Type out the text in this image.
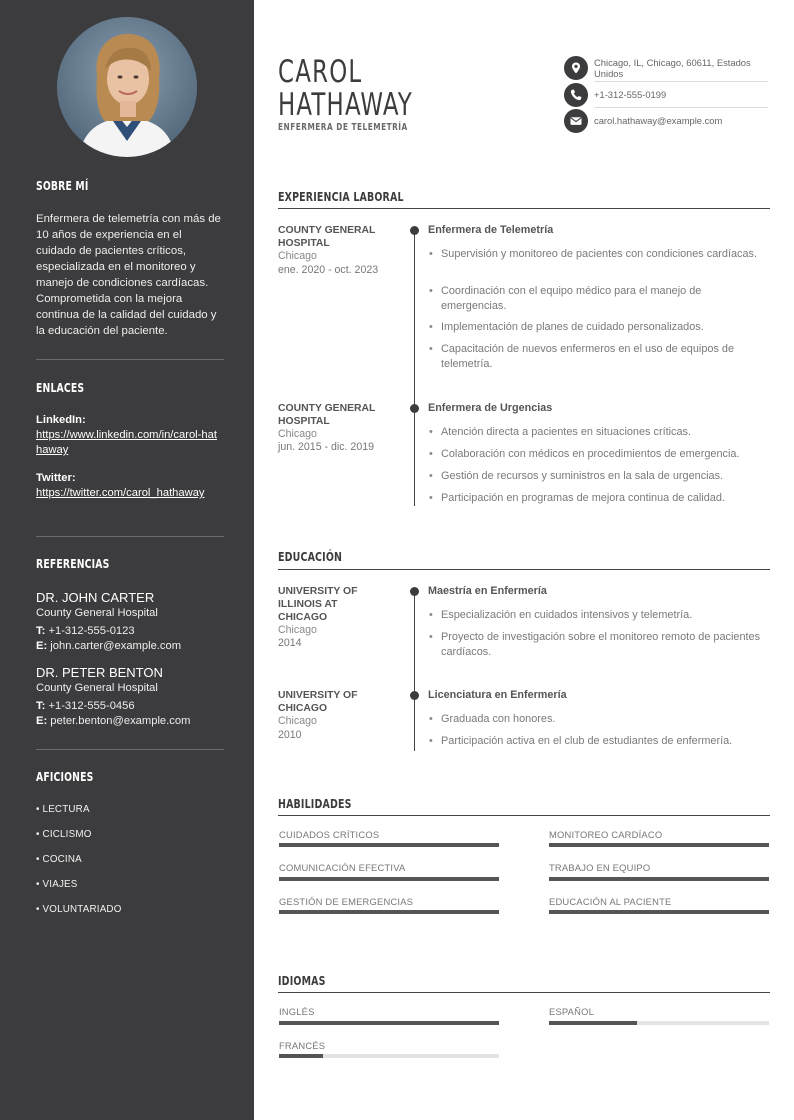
SOBRE MÍ
Enfermera de telemetría con más de 10 años de experiencia en el cuidado de pacientes críticos, especializada en el monitoreo y manejo de condiciones cardíacas. Comprometida con la mejora continua de la calidad del cuidado y la educación del paciente.
ENLACES
LinkedIn:
https://www.linkedin.com/in/carol-hathaway
Twitter:
https://twitter.com/carol_hathaway
REFERENCIAS
DR. JOHN CARTER
County General Hospital
T: +1-312-555-0123
E: john.carter@example.com
DR. PETER BENTON
County General Hospital
T: +1-312-555-0456
E: peter.benton@example.com
AFICIONES
• LECTURA
• CICLISMO
• COCINA
• VIAJES
• VOLUNTARIADO
CAROL
HATHAWAY
ENFERMERA DE TELEMETRÍA
Chicago, IL, Chicago, 60611, Estados Unidos
+1-312-555-0199
carol.hathaway@example.com
EXPERIENCIA LABORAL
COUNTY GENERAL HOSPITAL
Chicago
ene. 2020 - oct. 2023
Enfermera de Telemetría
• Supervisión y monitoreo de pacientes con condiciones cardíacas.
• Coordinación con el equipo médico para el manejo de emergencias.
• Implementación de planes de cuidado personalizados.
• Capacitación de nuevos enfermeros en el uso de equipos de telemetría.
COUNTY GENERAL HOSPITAL
Chicago
jun. 2015 - dic. 2019
Enfermera de Urgencias
• Atención directa a pacientes en situaciones críticas.
• Colaboración con médicos en procedimientos de emergencia.
• Gestión de recursos y suministros en la sala de urgencias.
• Participación en programas de mejora continua de calidad.
EDUCACIÓN
UNIVERSITY OF ILLINOIS AT CHICAGO
Chicago
2014
Maestría en Enfermería
• Especialización en cuidados intensivos y telemetría.
• Proyecto de investigación sobre el monitoreo remoto de pacientes cardíacos.
UNIVERSITY OF CHICAGO
Chicago
2010
Licenciatura en Enfermería
• Graduada con honores.
• Participación activa en el club de estudiantes de enfermería.
HABILIDADES
CUIDADOS CRÍTICOS	MONITOREO CARDÍACO
COMUNICACIÓN EFECTIVA	TRABAJO EN EQUIPO
GESTIÓN DE EMERGENCIAS	EDUCACIÓN AL PACIENTE
IDIOMAS
INGLÉS	ESPAÑOL
FRANCÉS
